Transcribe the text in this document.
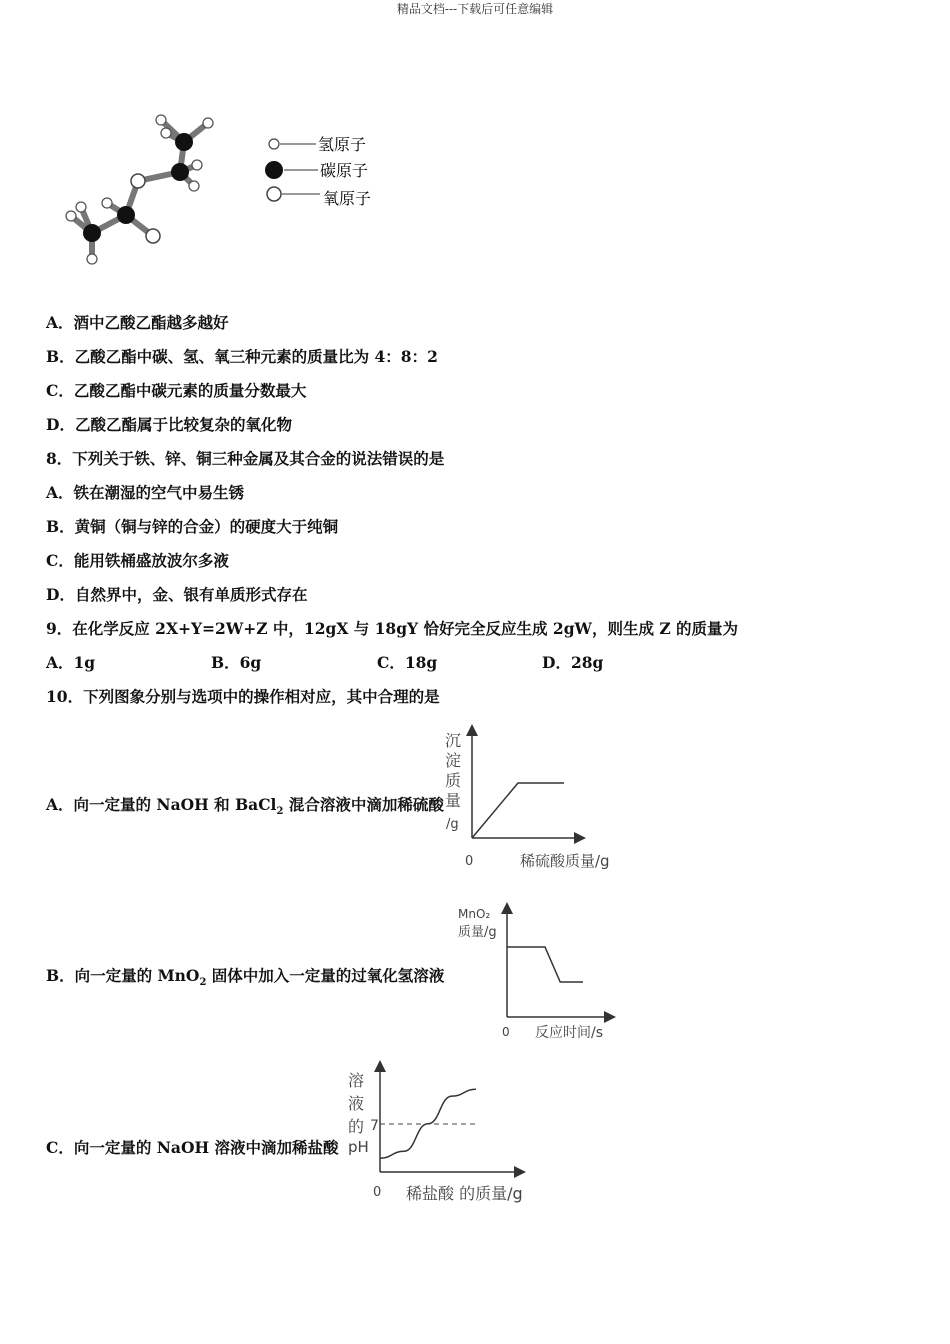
精品文档---下载后可任意编辑
氢原子
碳原子
氧原子
A．酒中乙酸乙酯越多越好
B．乙酸乙酯中碳、氢、氧三种元素的质量比为 4：8：2
C．乙酸乙酯中碳元素的质量分数最大
D．乙酸乙酯属于比较复杂的氧化物
8．下列关于铁、锌、铜三种金属及其合金的说法错误的是
A．铁在潮湿的空气中易生锈
B．黄铜（铜与锌的合金）的硬度大于纯铜
C．能用铁桶盛放波尔多液
D．自然界中，金、银有单质形式存在
9．在化学反应 2X+Y=2W+Z 中，12gX 与 18gY 恰好完全反应生成 2gW，则生成 Z 的质量为
A．1g	B．6g	C．18g	D．28g
10．下列图象分别与选项中的操作相对应，其中合理的是
A．向一定量的 NaOH 和 BaCl$_2$ 混合溶液中滴加稀硫酸
B．向一定量的 MnO$_2$ 固体中加入一定量的过氧化氢溶液
C．向一定量的 NaOH 溶液中滴加稀盐酸
沉
淀
质
量
/g
0	稀硫酸质量/g
MnO₂
质量/g
0 反应时间/s
溶
液
的
pH
7
0 稀盐酸 的质量/g
